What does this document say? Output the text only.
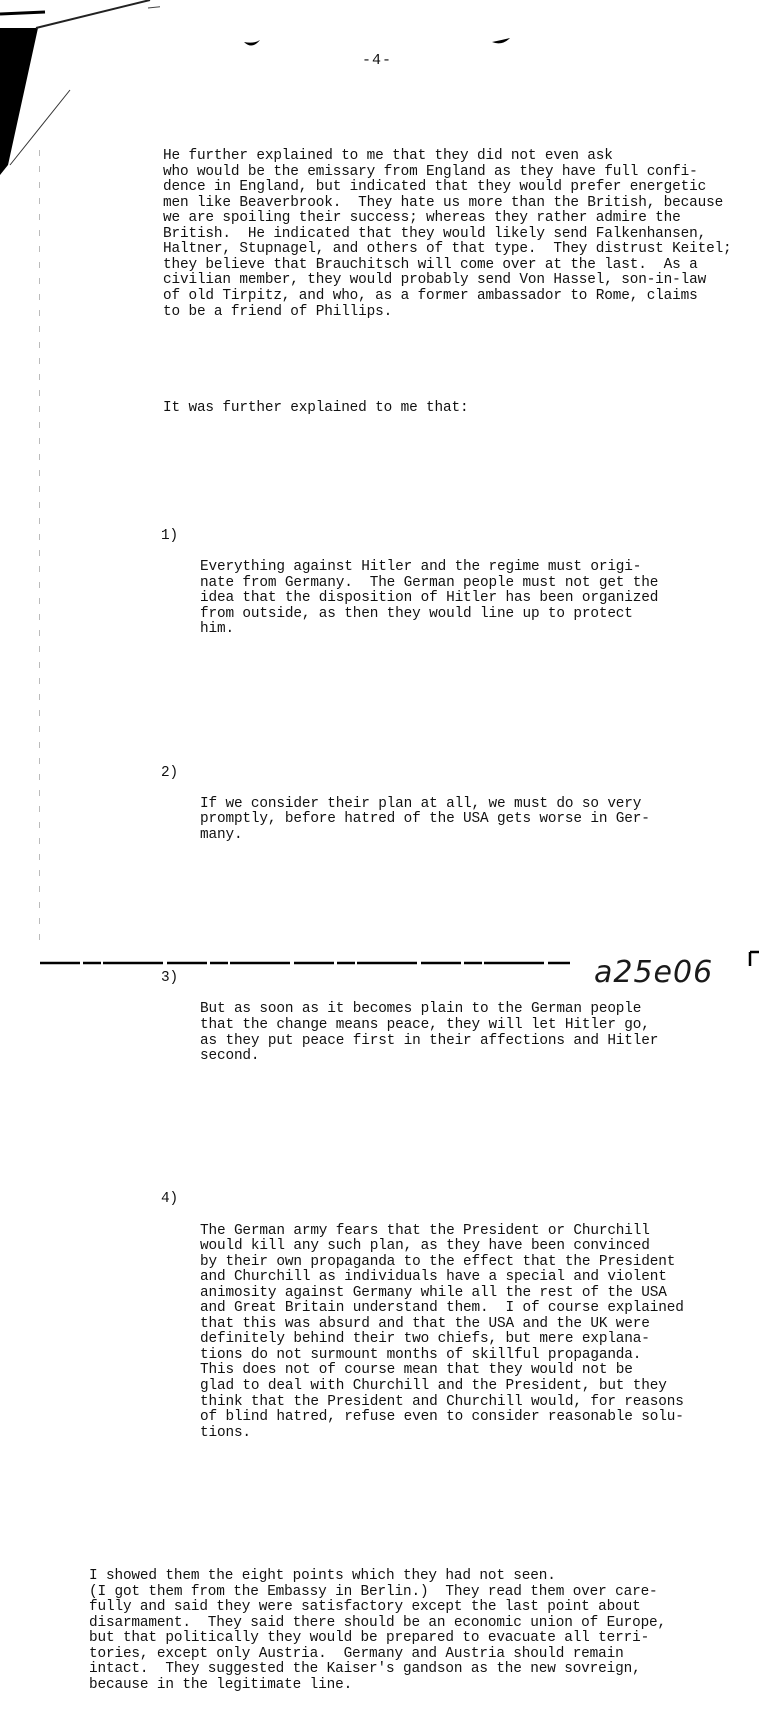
-4-

He further explained to me that they did not even ask
who would be the emissary from England as they have full confi-
dence in England, but indicated that they would prefer energetic
men like Beaverbrook.  They hate us more than the British, because
we are spoiling their success; whereas they rather admire the
British.  He indicated that they would likely send Falkenhansen,
Haltner, Stupnagel, and others of that type.  They distrust Keitel;
they believe that Brauchitsch will come over at the last.  As a
civilian member, they would probably send Von Hassel, son-in-law
of old Tirpitz, and who, as a former ambassador to Rome, claims
to be a friend of Phillips.

It was further explained to me that:

1)

Everything against Hitler and the regime must origi-
nate from Germany.  The German people must not get the
idea that the disposition of Hitler has been organized
from outside, as then they would line up to protect
him.

2)

If we consider their plan at all, we must do so very
promptly, before hatred of the USA gets worse in Ger-
many.

3)

But as soon as it becomes plain to the German people
that the change means peace, they will let Hitler go,
as they put peace first in their affections and Hitler
second.

4)

The German army fears that the President or Churchill
would kill any such plan, as they have been convinced
by their own propaganda to the effect that the President
and Churchill as individuals have a special and violent
animosity against Germany while all the rest of the USA
and Great Britain understand them.  I of course explained
that this was absurd and that the USA and the UK were
definitely behind their two chiefs, but mere explana-
tions do not surmount months of skillful propaganda.
This does not of course mean that they would not be
glad to deal with Churchill and the President, but they
think that the President and Churchill would, for reasons
of blind hatred, refuse even to consider reasonable solu-
tions.

I showed them the eight points which they had not seen.
(I got them from the Embassy in Berlin.)  They read them over care-
fully and said they were satisfactory except the last point about
disarmament.  They said there should be an economic union of Europe,
but that politically they would be prepared to evacuate all terri-
tories, except only Austria.  Germany and Austria should remain
intact.  They suggested the Kaiser's gandson as the new sovreign,
because in the legitimate line.

a25e06
